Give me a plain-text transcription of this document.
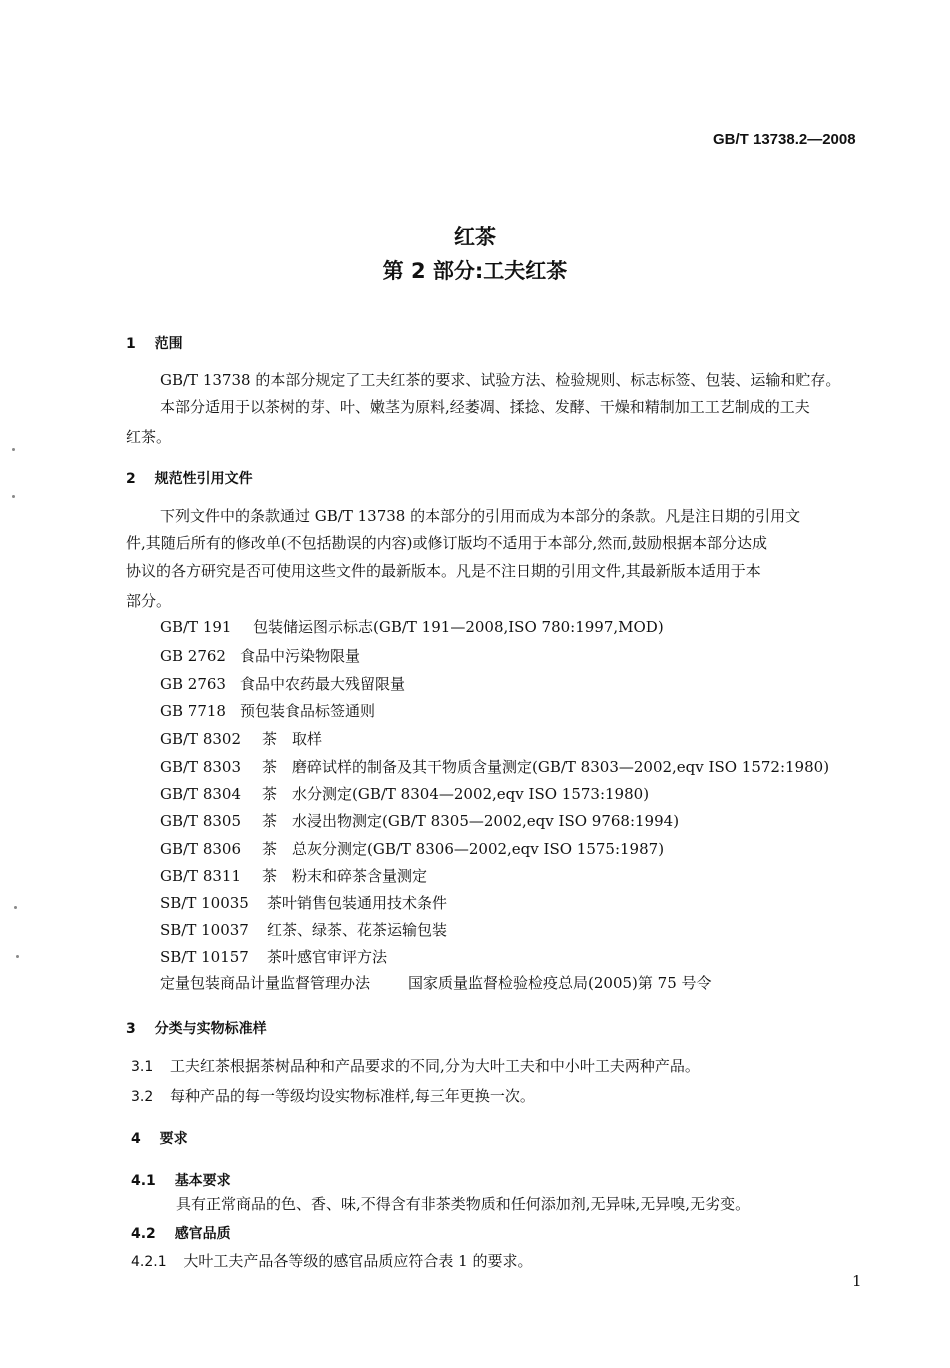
GB/T 13738.2—2008
红茶
第 2 部分:工夫红茶
1 范围
GB/T 13738 的本部分规定了工夫红茶的要求、试验方法、检验规则、标志标签、包装、运输和贮存。
本部分适用于以茶树的芽、叶、嫩茎为原料,经萎凋、揉捻、发酵、干燥和精制加工工艺制成的工夫
红茶。
2 规范性引用文件
下列文件中的条款通过 GB/T 13738 的本部分的引用而成为本部分的条款。凡是注日期的引用文
件,其随后所有的修改单(不包括勘误的内容)或修订版均不适用于本部分,然而,鼓励根据本部分达成
协议的各方研究是否可使用这些文件的最新版本。凡是不注日期的引用文件,其最新版本适用于本
部分。
GB/T 191 包装储运图示标志(GB/T 191—2008,ISO 780:1997,MOD)
GB 2762 食品中污染物限量
GB 2763 食品中农药最大残留限量
GB 7718 预包装食品标签通则
GB/T 8302 茶　取样
GB/T 8303 茶　磨碎试样的制备及其干物质含量测定(GB/T 8303—2002,eqv ISO 1572:1980)
GB/T 8304 茶　水分测定(GB/T 8304—2002,eqv ISO 1573:1980)
GB/T 8305 茶　水浸出物测定(GB/T 8305—2002,eqv ISO 9768:1994)
GB/T 8306 茶　总灰分测定(GB/T 8306—2002,eqv ISO 1575:1987)
GB/T 8311 茶　粉末和碎茶含量测定
SB/T 10035 茶叶销售包装通用技术条件
SB/T 10037 红茶、绿茶、花茶运输包装
SB/T 10157 茶叶感官审评方法
定量包装商品计量监督管理办法	国家质量监督检验检疫总局(2005)第 75 号令
3 分类与实物标准样
3.1 工夫红茶根据茶树品种和产品要求的不同,分为大叶工夫和中小叶工夫两种产品。
3.2 每种产品的每一等级均设实物标准样,每三年更换一次。
4 要求
4.1 基本要求
具有正常商品的色、香、味,不得含有非茶类物质和任何添加剂,无异味,无异嗅,无劣变。
4.2 感官品质
4.2.1 大叶工夫产品各等级的感官品质应符合表 1 的要求。
1
